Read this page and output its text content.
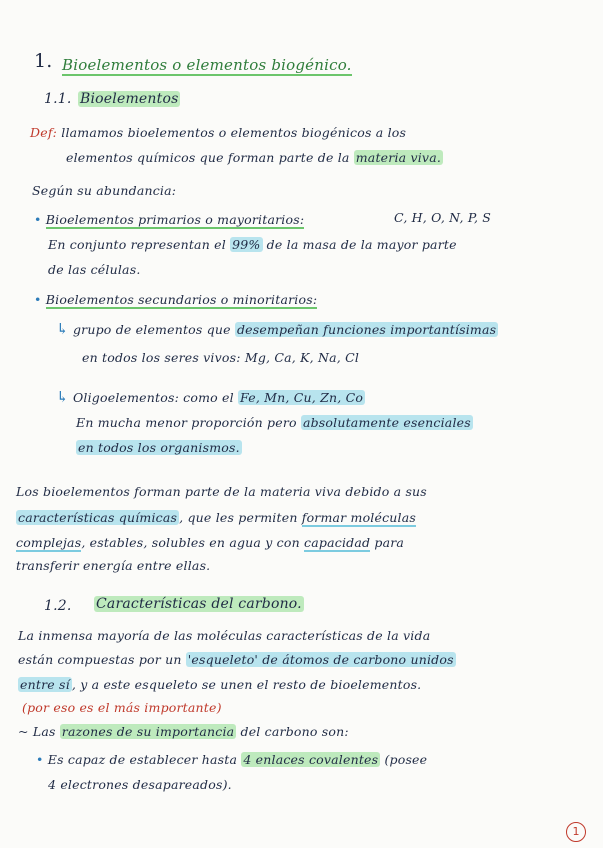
1. Bioelementos o elementos biogénico.
1.1. Bioelementos
Def: llamamos bioelementos o elementos biogénicos a los
elementos químicos que forman parte de la materia viva.
Según su abundancia:
• Bioelementos primarios o mayoritarios:	C, H, O, N, P, S
En conjunto representan el 99% de la masa de la mayor parte
de las células.
• Bioelementos secundarios o minoritarios:
↳ grupo de elementos que desempeñan funciones importantísimas
en todos los seres vivos: Mg, Ca, K, Na, Cl
↳ Oligoelementos: como el Fe, Mn, Cu, Zn, Co
En mucha menor proporción pero absolutamente esenciales
en todos los organismos.
Los bioelementos forman parte de la materia viva debido a sus
características químicas , que les permiten formar moléculas
complejas, estables, solubles en agua y con capacidad para
transferir energía entre ellas.
1.2. Características del carbono.
La inmensa mayoría de las moléculas características de la vida
están compuestas por un 'esqueleto' de átomos de carbono unidos
entre sí , y a este esqueleto se unen el resto de bioelementos.
(por eso es el más importante)
~ Las razones de su importancia del carbono son:
• Es capaz de establecer hasta 4 enlaces covalentes (posee
4 electrones desapareados).
1
